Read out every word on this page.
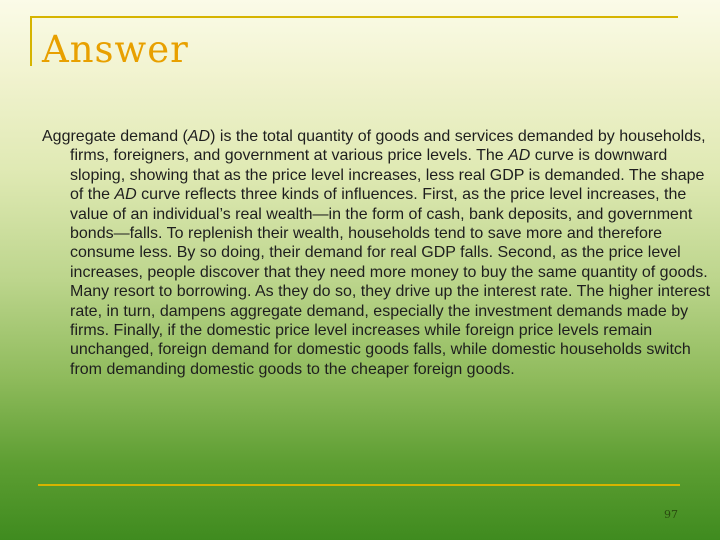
Answer

Aggregate demand (AD) is the total quantity of goods and services demanded by households, firms, foreigners, and government at various price levels. The AD curve is downward sloping, showing that as the price level increases, less real GDP is demanded. The shape of the AD curve reflects three kinds of influences. First, as the price level increases, the value of an individual’s real wealth—in the form of cash, bank deposits, and government bonds—falls. To replenish their wealth, households tend to save more and therefore consume less. By so doing, their demand for real GDP falls. Second, as the price level increases, people discover that they need more money to buy the same quantity of goods. Many resort to borrowing. As they do so, they drive up the interest rate. The higher interest rate, in turn, dampens aggregate demand, especially the investment demands made by firms. Finally, if the domestic price level increases while foreign price levels remain unchanged, foreign demand for domestic goods falls, while domestic households switch from demanding domestic goods to the cheaper foreign goods.

97
